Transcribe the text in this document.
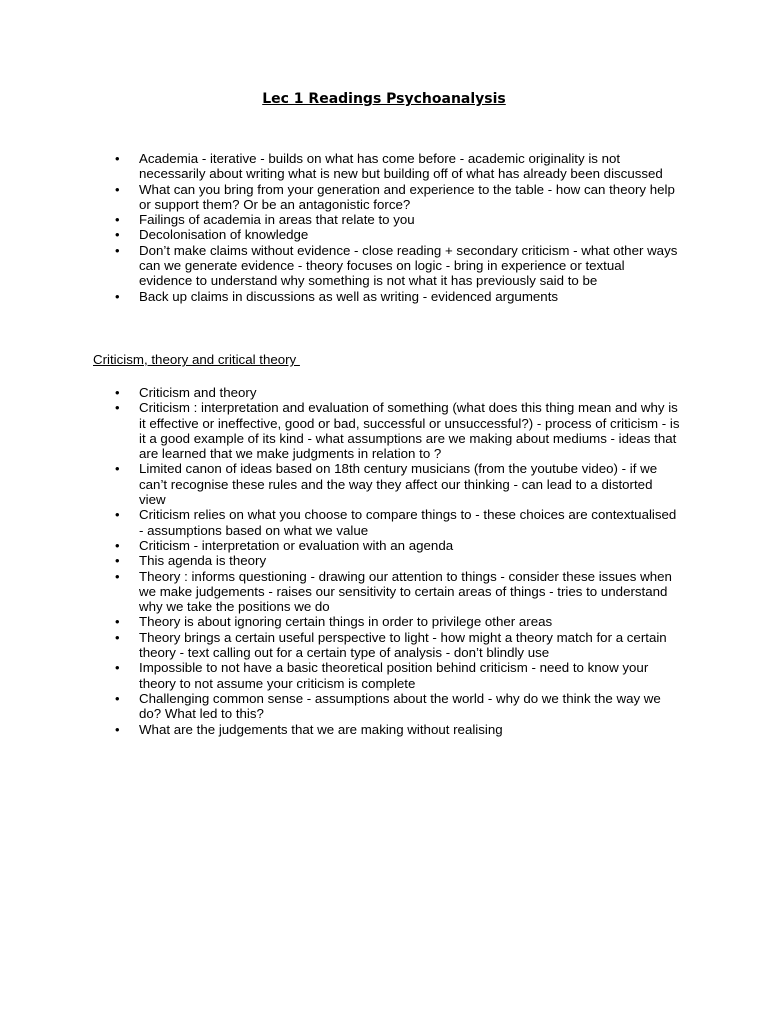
Lec 1 Readings Psychoanalysis
• Academia - iterative - builds on what has come before - academic originality is not necessarily about writing what is new but building off of what has already been discussed
• What can you bring from your generation and experience to the table - how can theory help or support them? Or be an antagonistic force?
• Failings of academia in areas that relate to you
• Decolonisation of knowledge
• Don’t make claims without evidence - close reading + secondary criticism - what other ways can we generate evidence - theory focuses on logic - bring in experience or textual evidence to understand why something is not what it has previously said to be
• Back up claims in discussions as well as writing - evidenced arguments
Criticism, theory and critical theory
• Criticism and theory
• Criticism : interpretation and evaluation of something (what does this thing mean and why is it effective or ineffective, good or bad, successful or unsuccessful?) - process of criticism - is it a good example of its kind - what assumptions are we making about mediums - ideas that are learned that we make judgments in relation to ?
• Limited canon of ideas based on 18th century musicians (from the youtube video) - if we can’t recognise these rules and the way they affect our thinking - can lead to a distorted view
• Criticism relies on what you choose to compare things to - these choices are contextualised - assumptions based on what we value
• Criticism - interpretation or evaluation with an agenda
• This agenda is theory
• Theory : informs questioning - drawing our attention to things - consider these issues when we make judgements - raises our sensitivity to certain areas of things - tries to understand why we take the positions we do
• Theory is about ignoring certain things in order to privilege other areas
• Theory brings a certain useful perspective to light - how might a theory match for a certain theory - text calling out for a certain type of analysis - don’t blindly use
• Impossible to not have a basic theoretical position behind criticism - need to know your theory to not assume your criticism is complete
• Challenging common sense - assumptions about the world - why do we think the way we do? What led to this?
• What are the judgements that we are making without realising
